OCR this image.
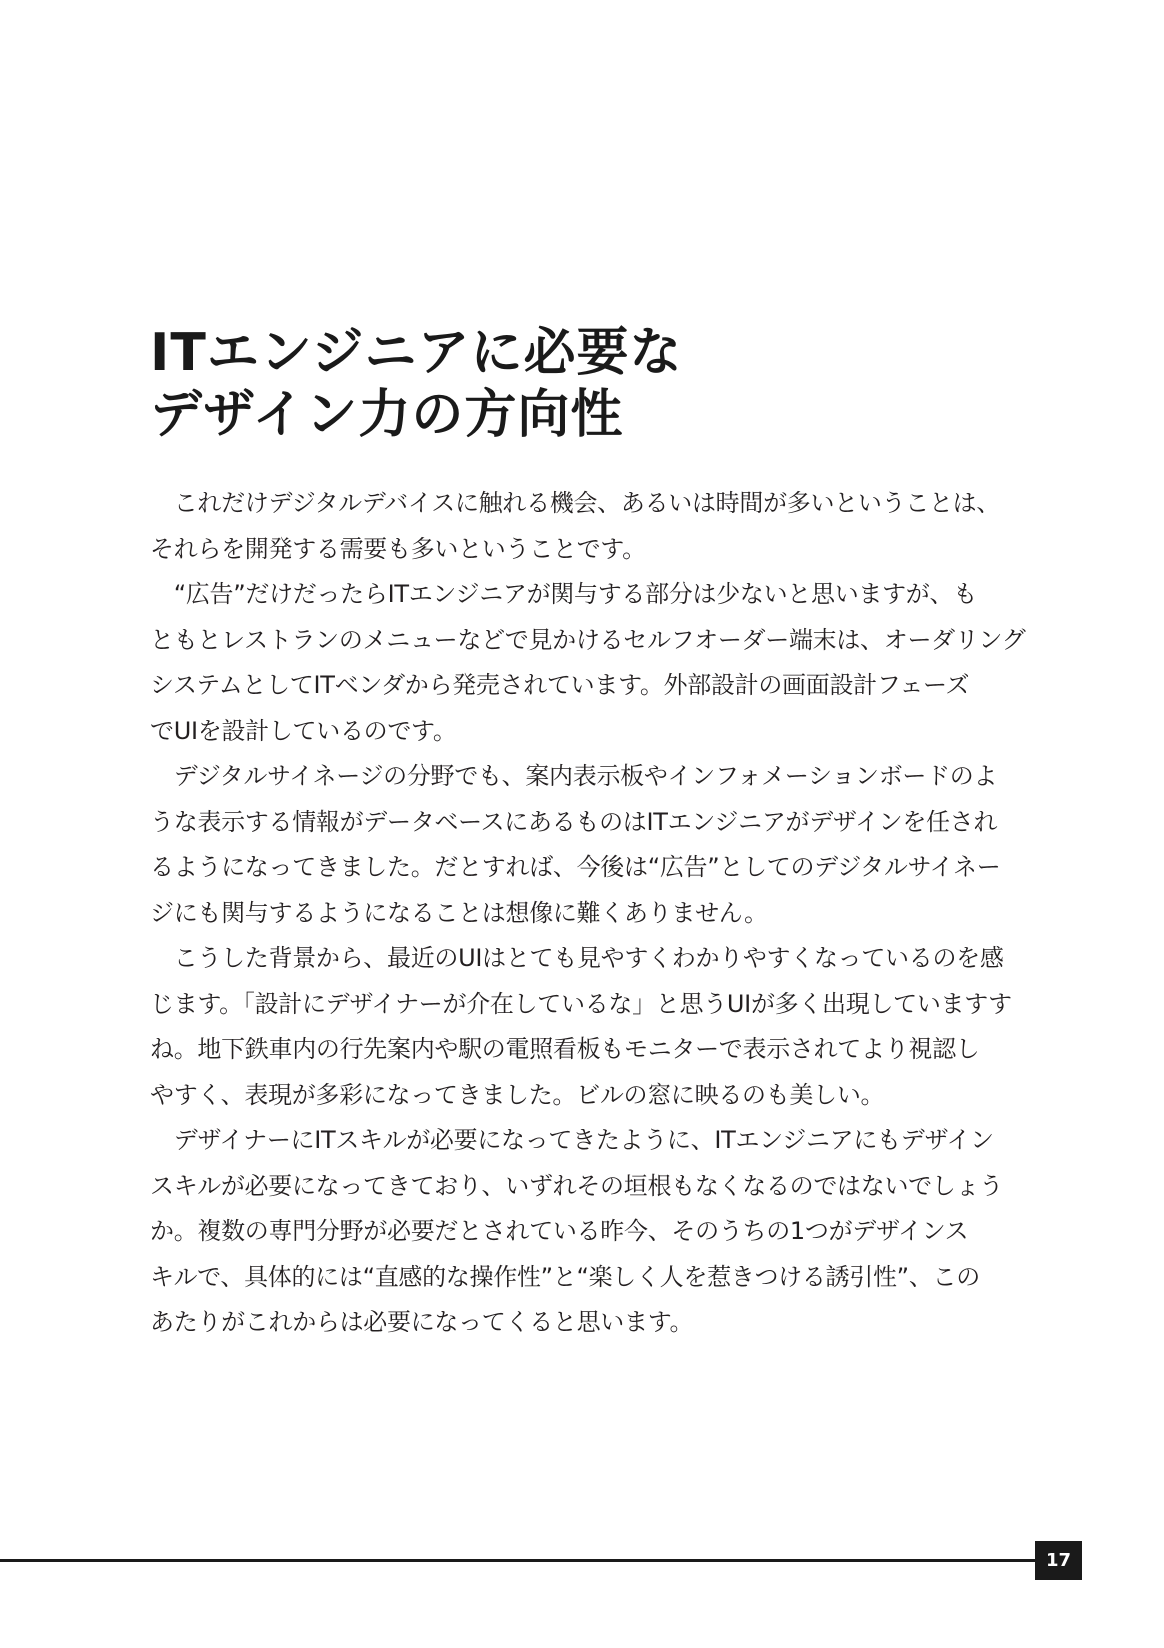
ITエンジニアに必要な
デザイン力の方向性
　これだけデジタルデバイスに触れる機会、あるいは時間が多いということは、
それらを開発する需要も多いということです。
　“広告”だけだったらITエンジニアが関与する部分は少ないと思いますが、も
ともとレストランのメニューなどで見かけるセルフオーダー端末は、オーダリング
システムとしてITベンダから発売されています。外部設計の画面設計フェーズ
でUIを設計しているのです。
　デジタルサイネージの分野でも、案内表示板やインフォメーションボードのよ
うな表示する情報がデータベースにあるものはITエンジニアがデザインを任され
るようになってきました。だとすれば、今後は“広告”としてのデジタルサイネー
ジにも関与するようになることは想像に難くありません。
　こうした背景から、最近のUIはとても見やすくわかりやすくなっているのを感
じます。「設計にデザイナーが介在しているな」と思うUIが多く出現していますす
ね。地下鉄車内の行先案内や駅の電照看板もモニターで表示されてより視認し
やすく、表現が多彩になってきました。ビルの窓に映るのも美しい。
　デザイナーにITスキルが必要になってきたように、ITエンジニアにもデザイン
スキルが必要になってきており、いずれその垣根もなくなるのではないでしょう
か。複数の専門分野が必要だとされている昨今、そのうちの1つがデザインス
キルで、具体的には“直感的な操作性”と“楽しく人を惹きつける誘引性”、この
あたりがこれからは必要になってくると思います。
17
